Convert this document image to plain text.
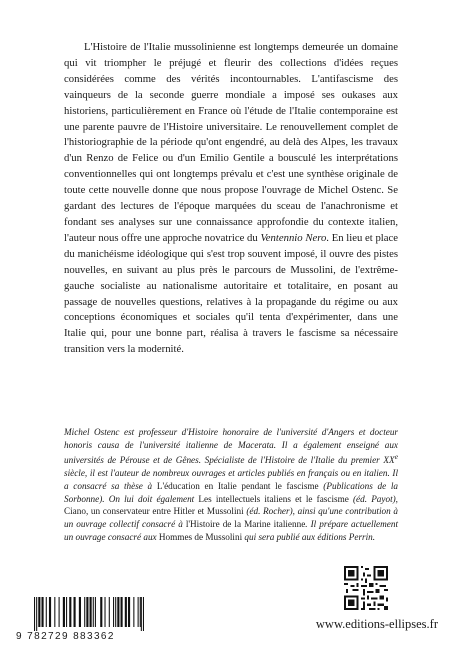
L'Histoire de l'Italie mussolinienne est longtemps demeurée un domaine qui vit triompher le préjugé et fleurir des collections d'idées reçues considérées comme des vérités incontournables. L'antifascisme des vainqueurs de la seconde guerre mondiale a imposé ses oukases aux historiens, particulièrement en France où l'étude de l'Italie contemporaine est une parente pauvre de l'Histoire universitaire. Le renouvellement complet de l'historiographie de la période qu'ont engendré, au delà des Alpes, les travaux d'un Renzo de Felice ou d'un Emilio Gentile a bousculé les interprétations conventionnelles qui ont longtemps prévalu et c'est une synthèse originale de toute cette nouvelle donne que nous propose l'ouvrage de Michel Ostenc. Se gardant des lectures de l'époque marquées du sceau de l'anachronisme et fondant ses analyses sur une connaissance approfondie du contexte italien, l'auteur nous offre une approche novatrice du Ventennio Nero. En lieu et place du manichéisme idéologique qui s'est trop souvent imposé, il ouvre des pistes nouvelles, en suivant au plus près le parcours de Mussolini, de l'extrême-gauche socialiste au nationalisme autoritaire et totalitaire, en posant au passage de nouvelles questions, relatives à la propagande du régime ou aux conceptions économiques et sociales qu'il tenta d'expérimenter, dans une Italie qui, pour une bonne part, réalisa à travers le fascisme sa nécessaire transition vers la modernité.

Michel Ostenc est professeur d'Histoire honoraire de l'université d'Angers et docteur honoris causa de l'université italienne de Macerata. Il a également enseigné aux universités de Pérouse et de Gênes. Spécialiste de l'Histoire de l'Italie du premier XXe siècle, il est l'auteur de nombreux ouvrages et articles publiés en français ou en italien. Il a consacré sa thèse à L'éducation en Italie pendant le fascisme (Publications de la Sorbonne). On lui doit également Les intellectuels italiens et le fascisme (éd. Payot), Ciano, un conservateur entre Hitler et Mussolini (éd. Rocher), ainsi qu'une contribution à un ouvrage collectif consacré à l'Histoire de la Marine italienne. Il prépare actuellement un ouvrage consacré aux Hommes de Mussolini qui sera publié aux éditions Perrin.

9 782729 883362
www.editions-ellipses.fr
